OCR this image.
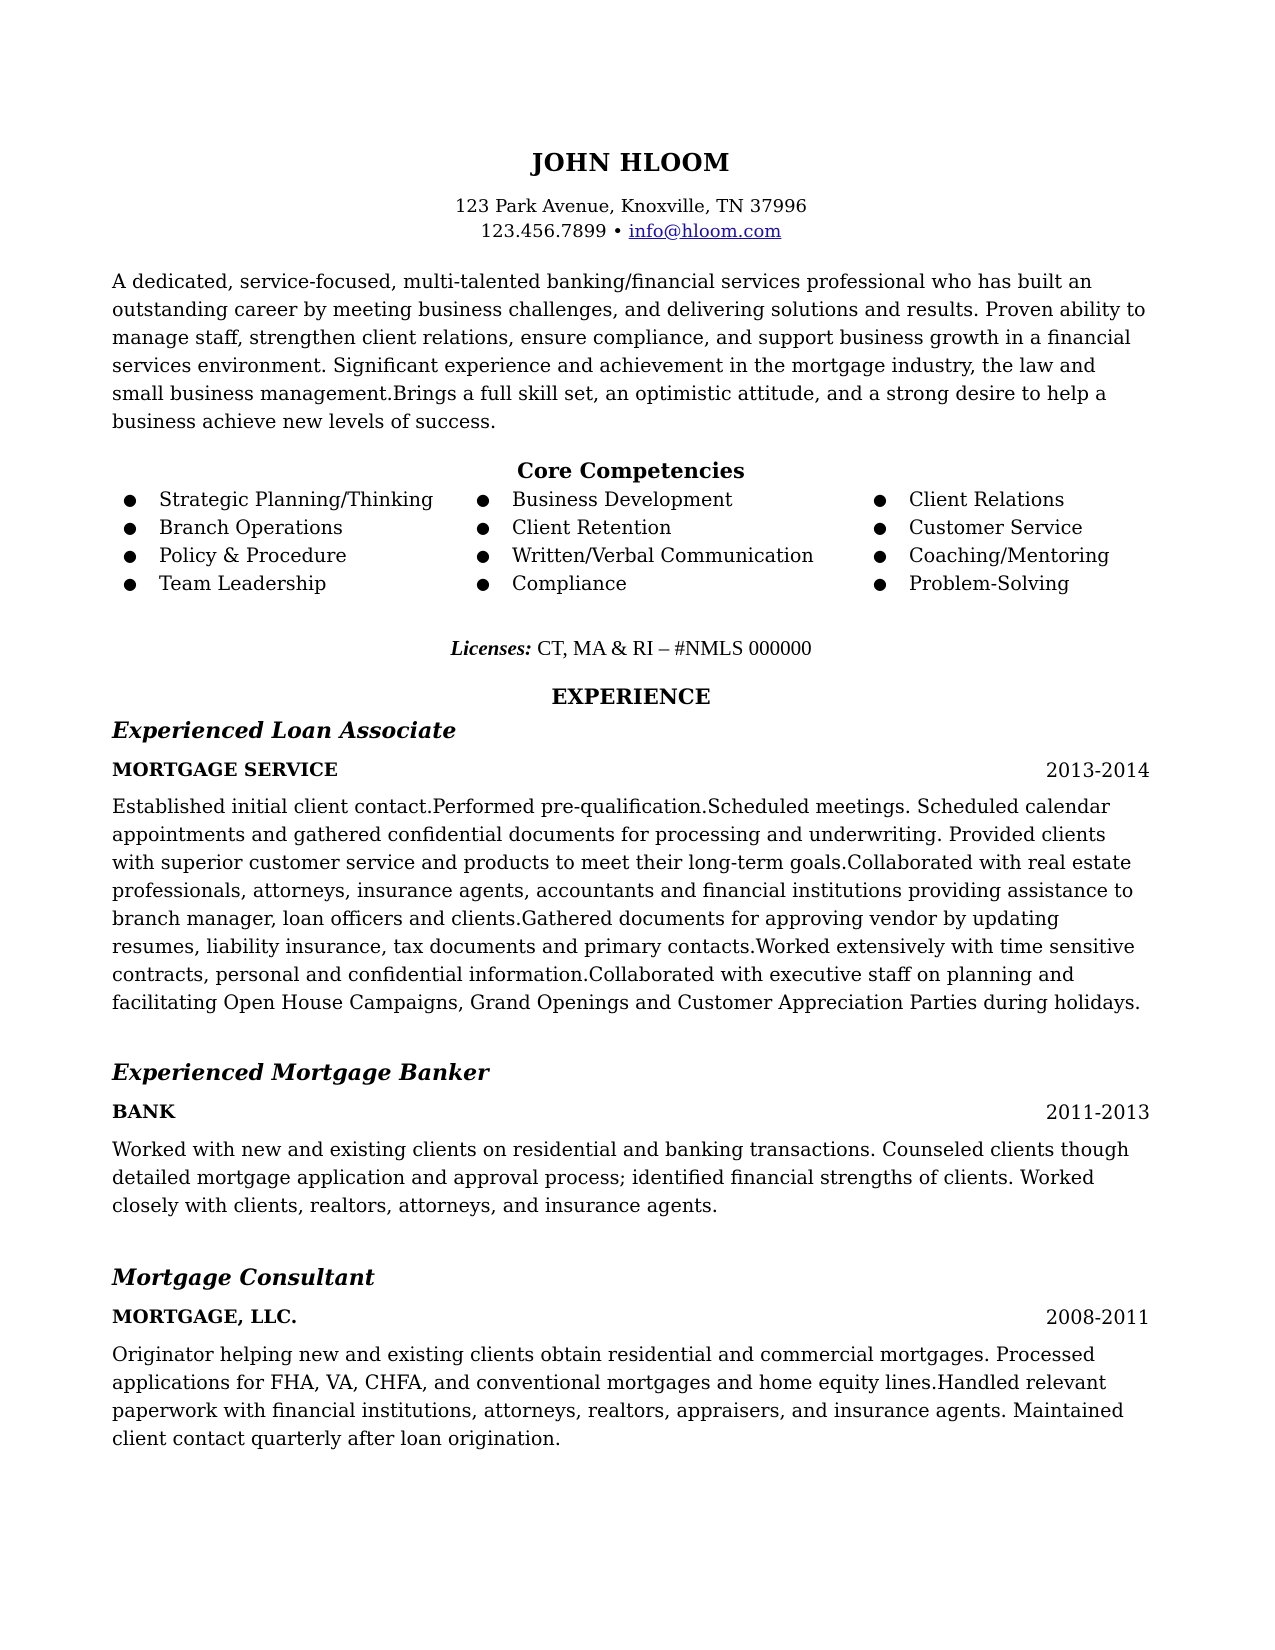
JOHN HLOOM
123 Park Avenue, Knoxville, TN 37996
123.456.7899 • info@hloom.com
A dedicated, service-focused, multi-talented banking/financial services professional who has built an outstanding career by meeting business challenges, and delivering solutions and results. Proven ability to manage staff, strengthen client relations, ensure compliance, and support business growth in a financial services environment. Significant experience and achievement in the mortgage industry, the law and small business management.Brings a full skill set, an optimistic attitude, and a strong desire to help a business achieve new levels of success.
Core Competencies
● Strategic Planning/Thinking
● Branch Operations
● Policy & Procedure
● Team Leadership
● Business Development
● Client Retention
● Written/Verbal Communication
● Compliance
● Client Relations
● Customer Service
● Coaching/Mentoring
● Problem-Solving
Licenses: CT, MA & RI – #NMLS 000000
EXPERIENCE
Experienced Loan Associate
MORTGAGE SERVICE	2013-2014
Established initial client contact.Performed pre-qualification.Scheduled meetings. Scheduled calendar appointments and gathered confidential documents for processing and underwriting. Provided clients with superior customer service and products to meet their long-term goals.Collaborated with real estate professionals, attorneys, insurance agents, accountants and financial institutions providing assistance to branch manager, loan officers and clients.Gathered documents for approving vendor by updating resumes, liability insurance, tax documents and primary contacts.Worked extensively with time sensitive contracts, personal and confidential information.Collaborated with executive staff on planning and facilitating Open House Campaigns, Grand Openings and Customer Appreciation Parties during holidays.
Experienced Mortgage Banker
BANK	2011-2013
Worked with new and existing clients on residential and banking transactions. Counseled clients though detailed mortgage application and approval process; identified financial strengths of clients. Worked closely with clients, realtors, attorneys, and insurance agents.
Mortgage Consultant
MORTGAGE, LLC.	2008-2011
Originator helping new and existing clients obtain residential and commercial mortgages. Processed applications for FHA, VA, CHFA, and conventional mortgages and home equity lines.Handled relevant paperwork with financial institutions, attorneys, realtors, appraisers, and insurance agents. Maintained client contact quarterly after loan origination.
